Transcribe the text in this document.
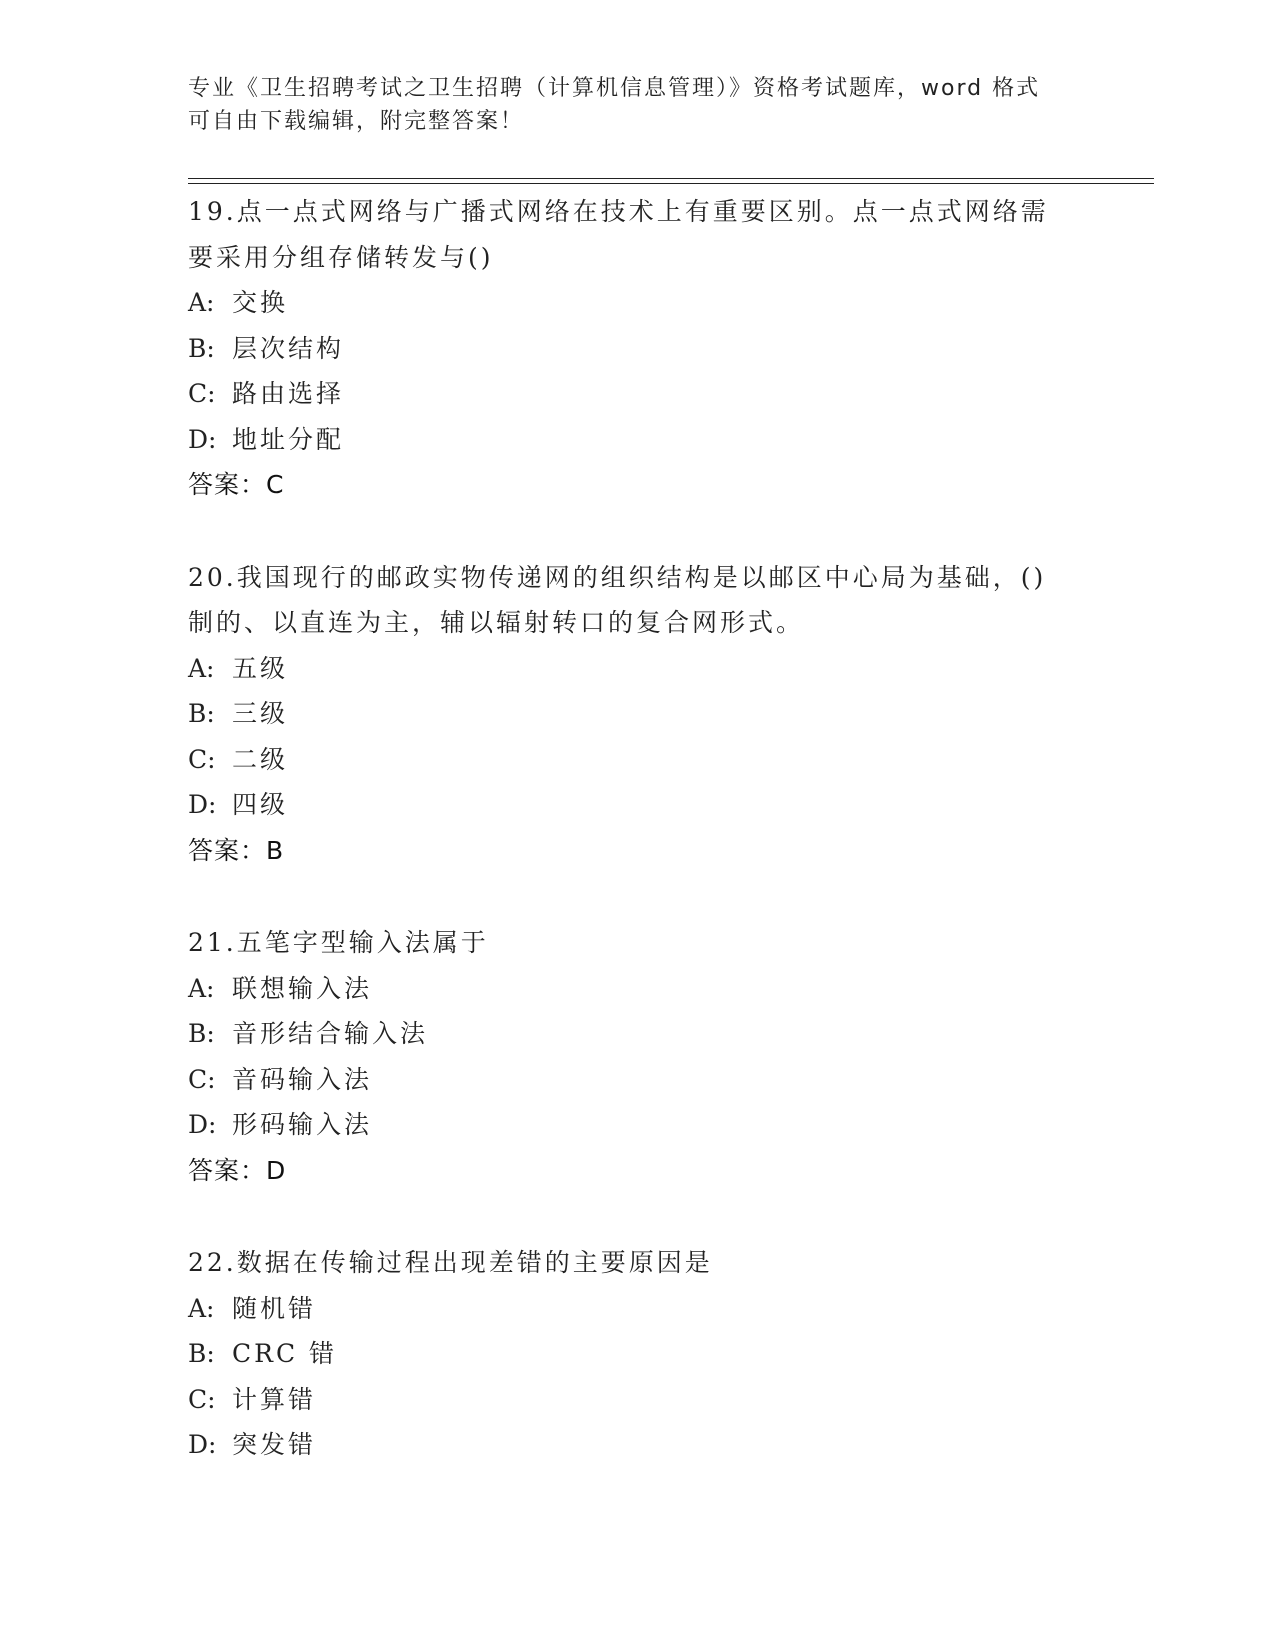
专业《卫生招聘考试之卫生招聘（计算机信息管理）》资格考试题库，word 格式
可自由下载编辑，附完整答案！
19.点一点式网络与广播式网络在技术上有重要区别。点一点式网络需
要采用分组存储转发与()
A: 交换
B: 层次结构
C: 路由选择
D: 地址分配
答案：C
20.我国现行的邮政实物传递网的组织结构是以邮区中心局为基础，()
制的、以直连为主，辅以辐射转口的复合网形式。
A: 五级
B: 三级
C: 二级
D: 四级
答案：B
21.五笔字型输入法属于
A: 联想输入法
B: 音形结合输入法
C: 音码输入法
D: 形码输入法
答案：D
22.数据在传输过程出现差错的主要原因是
A: 随机错
B: CRC 错
C: 计算错
D: 突发错
